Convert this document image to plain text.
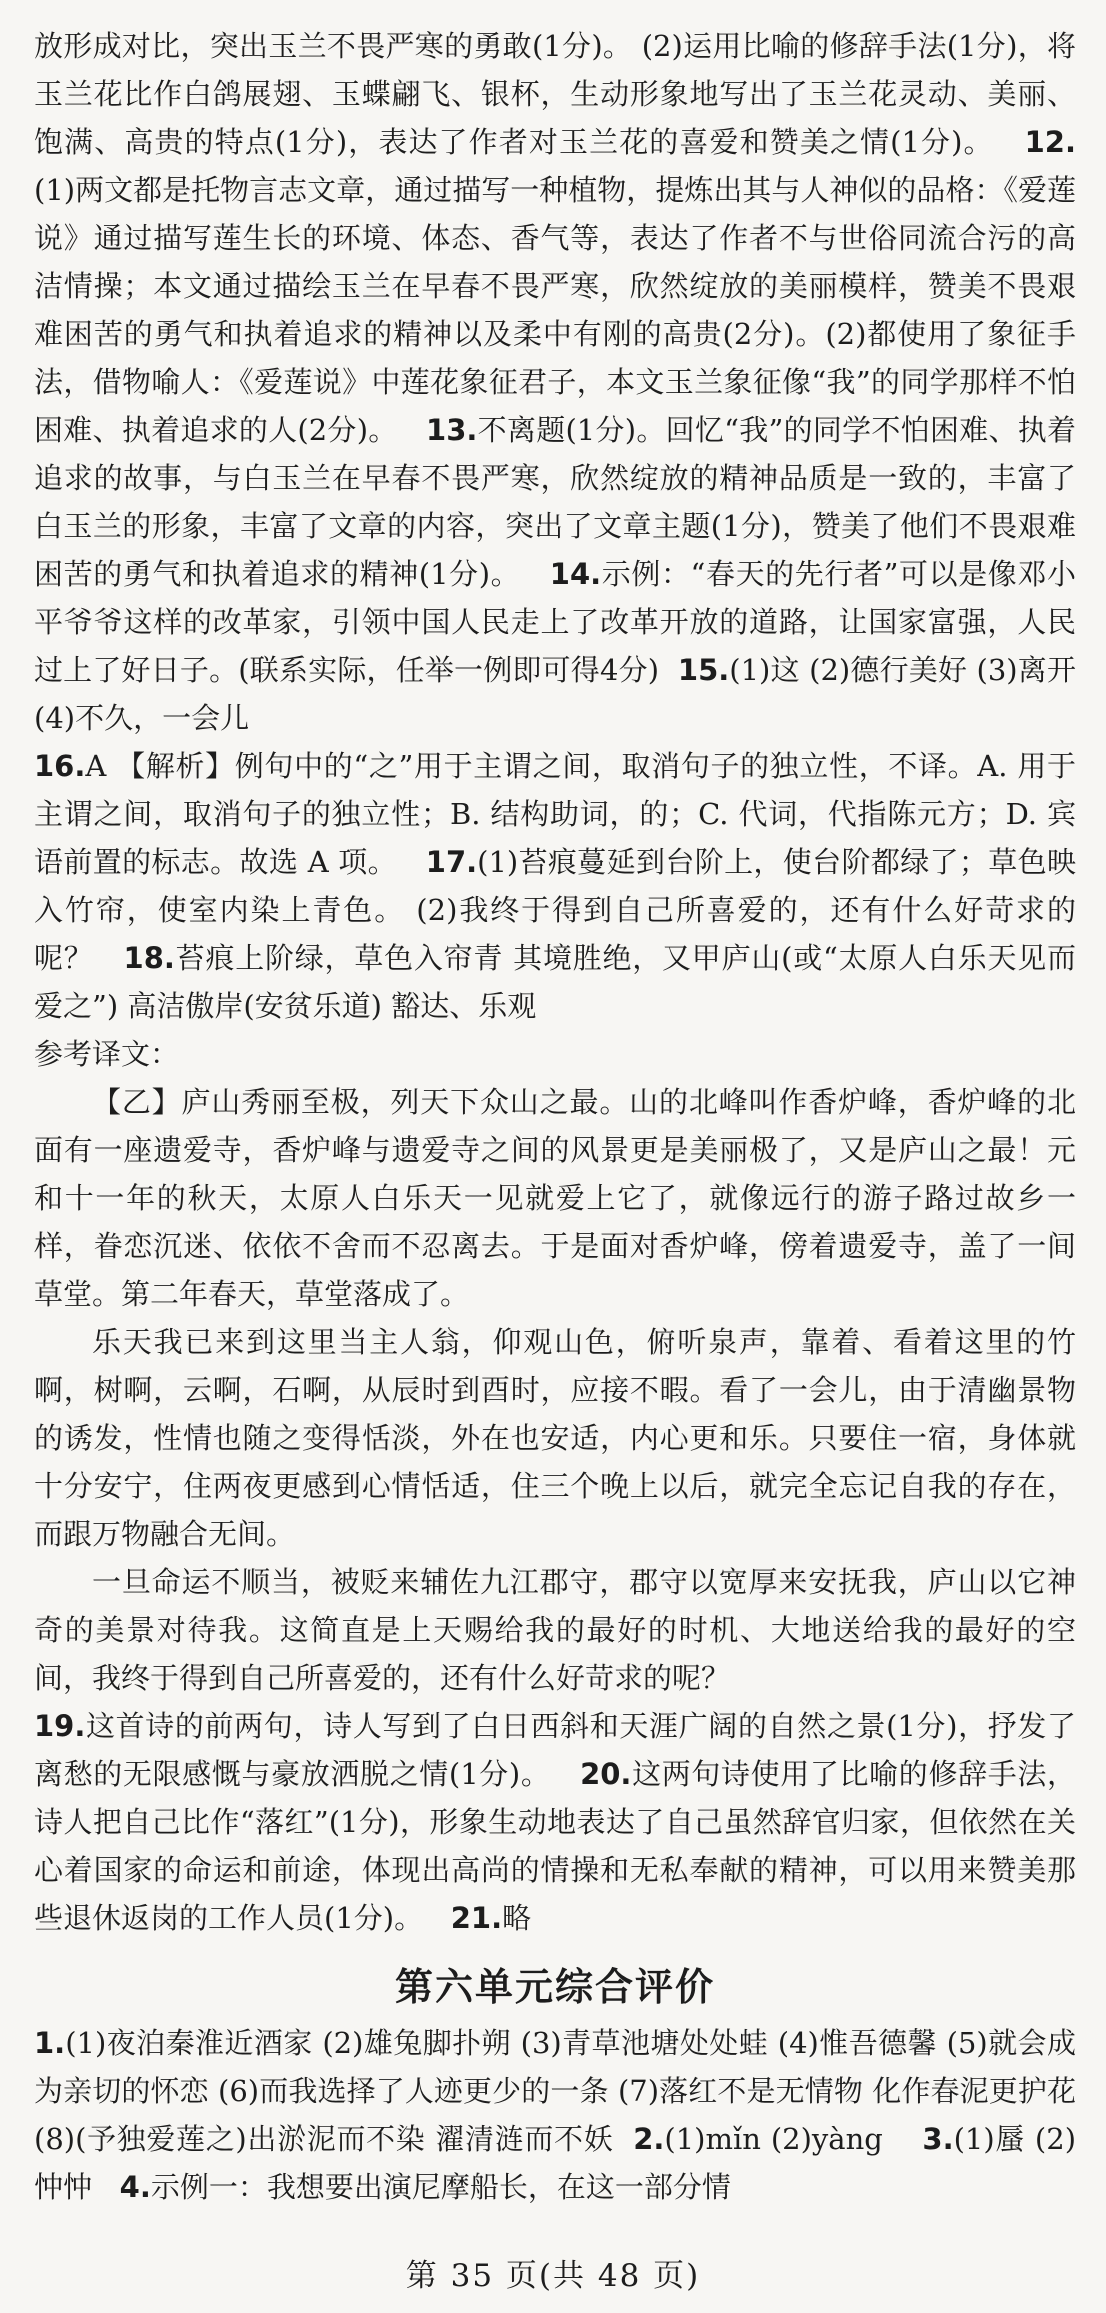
放形成对比，突出玉兰不畏严寒的勇敢(1分)。 (2)运用比喻的修辞手法(1分)，将玉兰花比作白鸽展翅、玉蝶翩飞、银杯，生动形象地写出了玉兰花灵动、美丽、饱满、高贵的特点(1分)，表达了作者对玉兰花的喜爱和赞美之情(1分)。 12.(1)两文都是托物言志文章，通过描写一种植物，提炼出其与人神似的品格：《爱莲说》通过描写莲生长的环境、体态、香气等，表达了作者不与世俗同流合污的高洁情操；本文通过描绘玉兰在早春不畏严寒，欣然绽放的美丽模样，赞美不畏艰难困苦的勇气和执着追求的精神以及柔中有刚的高贵(2分)。(2)都使用了象征手法，借物喻人：《爱莲说》中莲花象征君子，本文玉兰象征像“我”的同学那样不怕困难、执着追求的人(2分)。 13.不离题(1分)。回忆“我”的同学不怕困难、执着追求的故事，与白玉兰在早春不畏严寒，欣然绽放的精神品质是一致的，丰富了白玉兰的形象，丰富了文章的内容，突出了文章主题(1分)，赞美了他们不畏艰难困苦的勇气和执着追求的精神(1分)。 14.示例：“春天的先行者”可以是像邓小平爷爷这样的改革家，引领中国人民走上了改革开放的道路，让国家富强，人民过上了好日子。(联系实际，任举一例即可得4分) 15.(1)这 (2)德行美好 (3)离开 (4)不久，一会儿

16.A 【解析】例句中的“之”用于主谓之间，取消句子的独立性，不译。A. 用于主谓之间，取消句子的独立性；B. 结构助词，的；C. 代词，代指陈元方；D. 宾语前置的标志。故选 A 项。 17.(1)苔痕蔓延到台阶上，使台阶都绿了；草色映入竹帘，使室内染上青色。 (2)我终于得到自己所喜爱的，还有什么好苛求的呢？ 18.苔痕上阶绿，草色入帘青 其境胜绝，又甲庐山(或“太原人白乐天见而爱之”) 高洁傲岸(安贫乐道) 豁达、乐观

参考译文：

【乙】庐山秀丽至极，列天下众山之最。山的北峰叫作香炉峰，香炉峰的北面有一座遗爱寺，香炉峰与遗爱寺之间的风景更是美丽极了，又是庐山之最！元和十一年的秋天，太原人白乐天一见就爱上它了，就像远行的游子路过故乡一样，眷恋沉迷、依依不舍而不忍离去。于是面对香炉峰，傍着遗爱寺，盖了一间草堂。第二年春天，草堂落成了。

乐天我已来到这里当主人翁，仰观山色，俯听泉声，靠着、看着这里的竹啊，树啊，云啊，石啊，从辰时到酉时，应接不暇。看了一会儿，由于清幽景物的诱发，性情也随之变得恬淡，外在也安适，内心更和乐。只要住一宿，身体就十分安宁，住两夜更感到心情恬适，住三个晚上以后，就完全忘记自我的存在，而跟万物融合无间。

一旦命运不顺当，被贬来辅佐九江郡守，郡守以宽厚来安抚我，庐山以它神奇的美景对待我。这简直是上天赐给我的最好的时机、大地送给我的最好的空间，我终于得到自己所喜爱的，还有什么好苛求的呢？

19.这首诗的前两句，诗人写到了白日西斜和天涯广阔的自然之景(1分)，抒发了离愁的无限感慨与豪放洒脱之情(1分)。 20.这两句诗使用了比喻的修辞手法，诗人把自己比作“落红”(1分)，形象生动地表达了自己虽然辞官归家，但依然在关心着国家的命运和前途，体现出高尚的情操和无私奉献的精神，可以用来赞美那些退休返岗的工作人员(1分)。 21.略

第六单元综合评价

1.(1)夜泊秦淮近酒家 (2)雄兔脚扑朔 (3)青草池塘处处蛙 (4)惟吾德馨 (5)就会成为亲切的怀恋 (6)而我选择了人迹更少的一条 (7)落红不是无情物 化作春泥更护花 (8)(予独爱莲之)出淤泥而不染 濯清涟而不妖 2.(1)mǐn (2)yàng 3.(1)蜃 (2)忡忡 4.示例一：我想要出演尼摩船长，在这一部分情

第 35 页(共 48 页)
